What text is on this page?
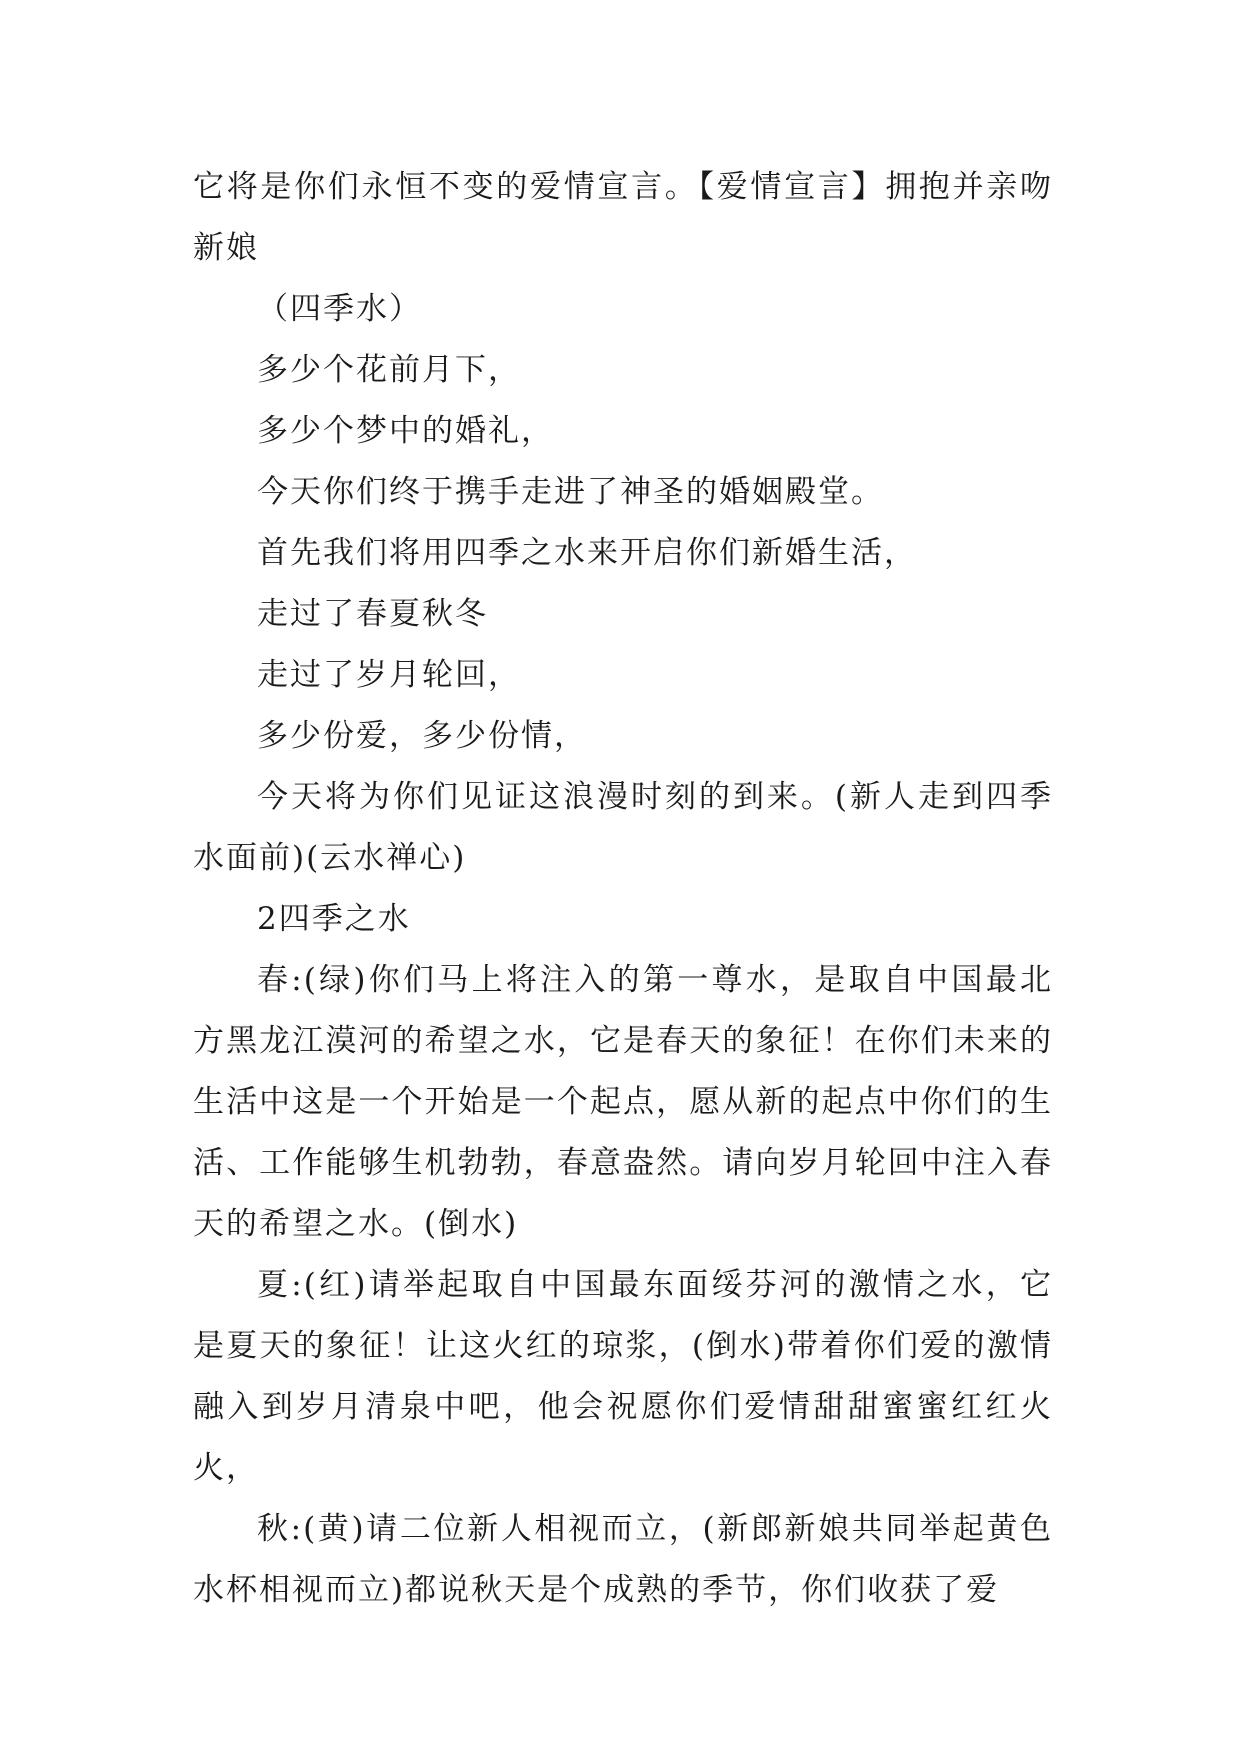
它将是你们永恒不变的爱情宣言。【爱情宣言】拥抱并亲吻新娘

（四季水）

多少个花前月下，

多少个梦中的婚礼，

今天你们终于携手走进了神圣的婚姻殿堂。

首先我们将用四季之水来开启你们新婚生活，

走过了春夏秋冬

走过了岁月轮回，

多少份爱，多少份情，

今天将为你们见证这浪漫时刻的到来。(新人走到四季水面前)(云水禅心)

2四季之水

春:(绿)你们马上将注入的第一尊水，是取自中国最北方黑龙江漠河的希望之水，它是春天的象征！在你们未来的生活中这是一个开始是一个起点，愿从新的起点中你们的生活、工作能够生机勃勃，春意盎然。请向岁月轮回中注入春天的希望之水。(倒水)

夏:(红)请举起取自中国最东面绥芬河的激情之水，它是夏天的象征！让这火红的琼浆，(倒水)带着你们爱的激情融入到岁月清泉中吧，他会祝愿你们爱情甜甜蜜蜜红红火火，

秋:(黄)请二位新人相视而立，(新郎新娘共同举起黄色水杯相视而立)都说秋天是个成熟的季节，你们收获了爱
